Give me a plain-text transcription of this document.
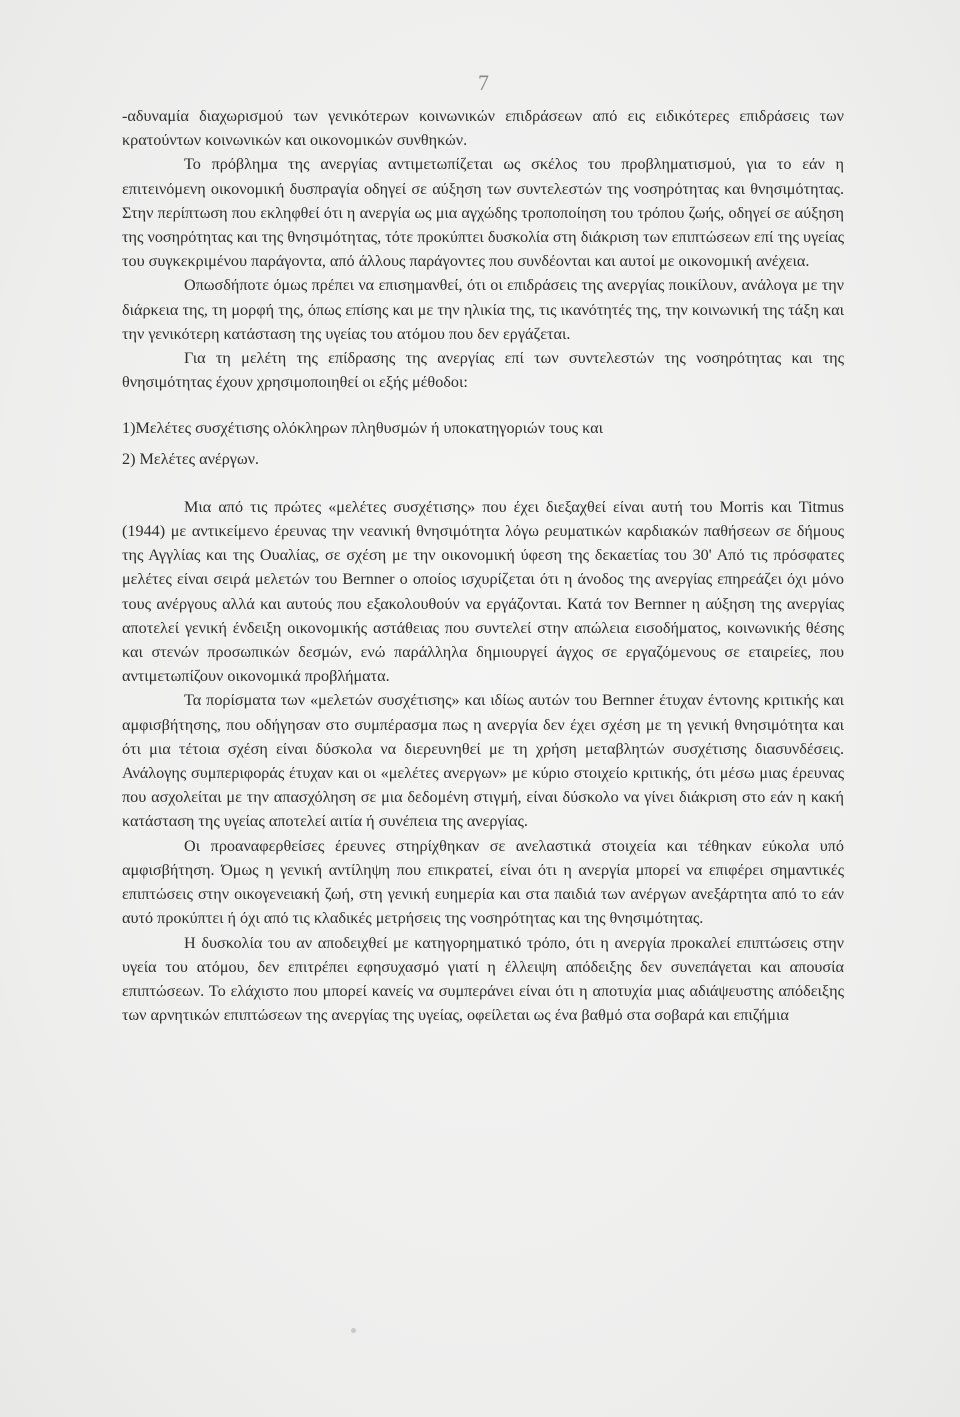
7

-αδυναμία διαχωρισμού των γενικότερων κοινωνικών επιδράσεων από εις ειδικότερες επιδράσεις των κρατούντων κοινωνικών και οικονομικών συνθηκών.

Το πρόβλημα της ανεργίας αντιμετωπίζεται ως σκέλος του προβληματισμού, για το εάν η επιτεινόμενη οικονομική δυσπραγία οδηγεί σε αύξηση των συντελεστών της νοσηρότητας και θνησιμότητας. Στην περίπτωση που εκληφθεί ότι η ανεργία ως μια αγχώδης τροποποίηση του τρόπου ζωής, οδηγεί σε αύξηση της νοσηρότητας και της θνησιμότητας, τότε προκύπτει δυσκολία στη διάκριση των επιπτώσεων επί της υγείας του συγκεκριμένου παράγοντα, από άλλους παράγοντες που συνδέονται και αυτοί με οικονομική ανέχεια.

Οπωσδήποτε όμως πρέπει να επισημανθεί, ότι οι επιδράσεις της ανεργίας ποικίλουν, ανάλογα με την διάρκεια της, τη μορφή της, όπως επίσης και με την ηλικία της, τις ικανότητές της, την κοινωνική της τάξη και την γενικότερη κατάσταση της υγείας του ατόμου που δεν εργάζεται.

Για τη μελέτη της επίδρασης της ανεργίας επί των συντελεστών της νοσηρότητας και της θνησιμότητας έχουν χρησιμοποιηθεί οι εξής μέθοδοι:

1)Μελέτες συσχέτισης ολόκληρων πληθυσμών ή υποκατηγοριών τους και

2) Μελέτες ανέργων.

Μια από τις πρώτες «μελέτες συσχέτισης» που έχει διεξαχθεί είναι αυτή του Morris και Titmus (1944) με αντικείμενο έρευνας την νεανική θνησιμότητα λόγω ρευματικών καρδιακών παθήσεων σε δήμους της Αγγλίας και της Ουαλίας, σε σχέση με την οικονομική ύφεση της δεκαετίας του 30' Από τις πρόσφατες μελέτες είναι σειρά μελετών του Bernner ο οποίος ισχυρίζεται ότι η άνοδος της ανεργίας επηρεάζει όχι μόνο τους ανέργους αλλά και αυτούς που εξακολουθούν να εργάζονται. Κατά τον Bernner η αύξηση της ανεργίας αποτελεί γενική ένδειξη οικονομικής αστάθειας που συντελεί στην απώλεια εισοδήματος, κοινωνικής θέσης και στενών προσωπικών δεσμών, ενώ παράλληλα δημιουργεί άγχος σε εργαζόμενους σε εταιρείες, που αντιμετωπίζουν οικονομικά προβλήματα.

Τα πορίσματα των «μελετών συσχέτισης» και ιδίως αυτών του Bernner έτυχαν έντονης κριτικής και αμφισβήτησης, που οδήγησαν στο συμπέρασμα πως η ανεργία δεν έχει σχέση με τη γενική θνησιμότητα και ότι μια τέτοια σχέση είναι δύσκολα να διερευνηθεί με τη χρήση μεταβλητών συσχέτισης διασυνδέσεις. Ανάλογης συμπεριφοράς έτυχαν και οι «μελέτες ανεργων» με κύριο στοιχείο κριτικής, ότι μέσω μιας έρευνας που ασχολείται με την απασχόληση σε μια δεδομένη στιγμή, είναι δύσκολο να γίνει διάκριση στο εάν η κακή κατάσταση της υγείας αποτελεί αιτία ή συνέπεια της ανεργίας.

Οι προαναφερθείσες έρευνες στηρίχθηκαν σε ανελαστικά στοιχεία και τέθηκαν εύκολα υπό αμφισβήτηση. Όμως η γενική αντίληψη που επικρατεί, είναι ότι η ανεργία μπορεί να επιφέρει σημαντικές επιπτώσεις στην οικογενειακή ζωή, στη γενική ευημερία και στα παιδιά των ανέργων ανεξάρτητα από το εάν αυτό προκύπτει ή όχι από τις κλαδικές μετρήσεις της νοσηρότητας και της θνησιμότητας.

Η δυσκολία του αν αποδειχθεί με κατηγορηματικό τρόπο, ότι η ανεργία προκαλεί επιπτώσεις στην υγεία του ατόμου, δεν επιτρέπει εφησυχασμό γιατί η έλλειψη απόδειξης δεν συνεπάγεται και απουσία επιπτώσεων. Το ελάχιστο που μπορεί κανείς να συμπεράνει είναι ότι η αποτυχία μιας αδιάψευστης απόδειξης των αρνητικών επιπτώσεων της ανεργίας της υγείας, οφείλεται ως ένα βαθμό στα σοβαρά και επιζήμια
